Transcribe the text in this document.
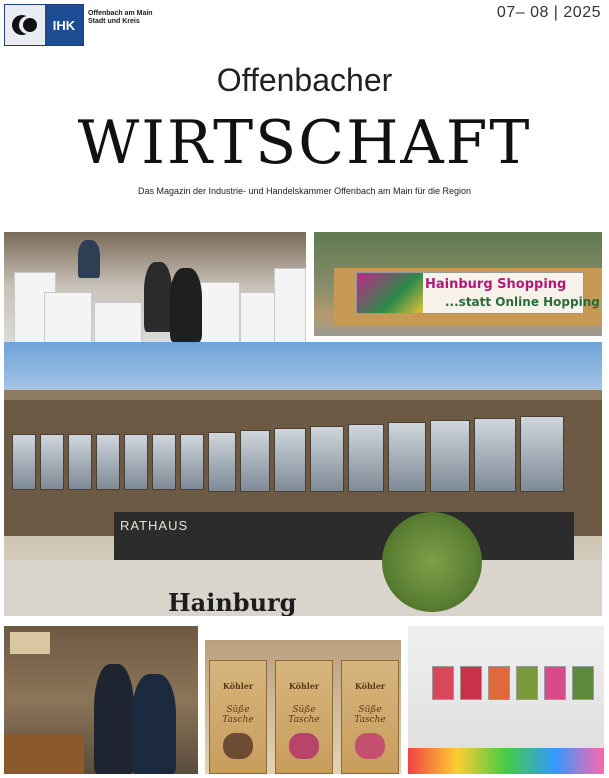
IHK
Offenbach am Main
Stadt und Kreis
07– 08 | 2025
Offenbacher
WIRTSCHAFT
Das Magazin der Industrie- und Handelskammer Offenbach am Main für die Region
Hainburg Shopping
...statt Online Hopping
RATHAUS
Hainburg
Köhler
Süße
Tasche
Köhler
Süße
Tasche
Köhler
Süße
Tasche
